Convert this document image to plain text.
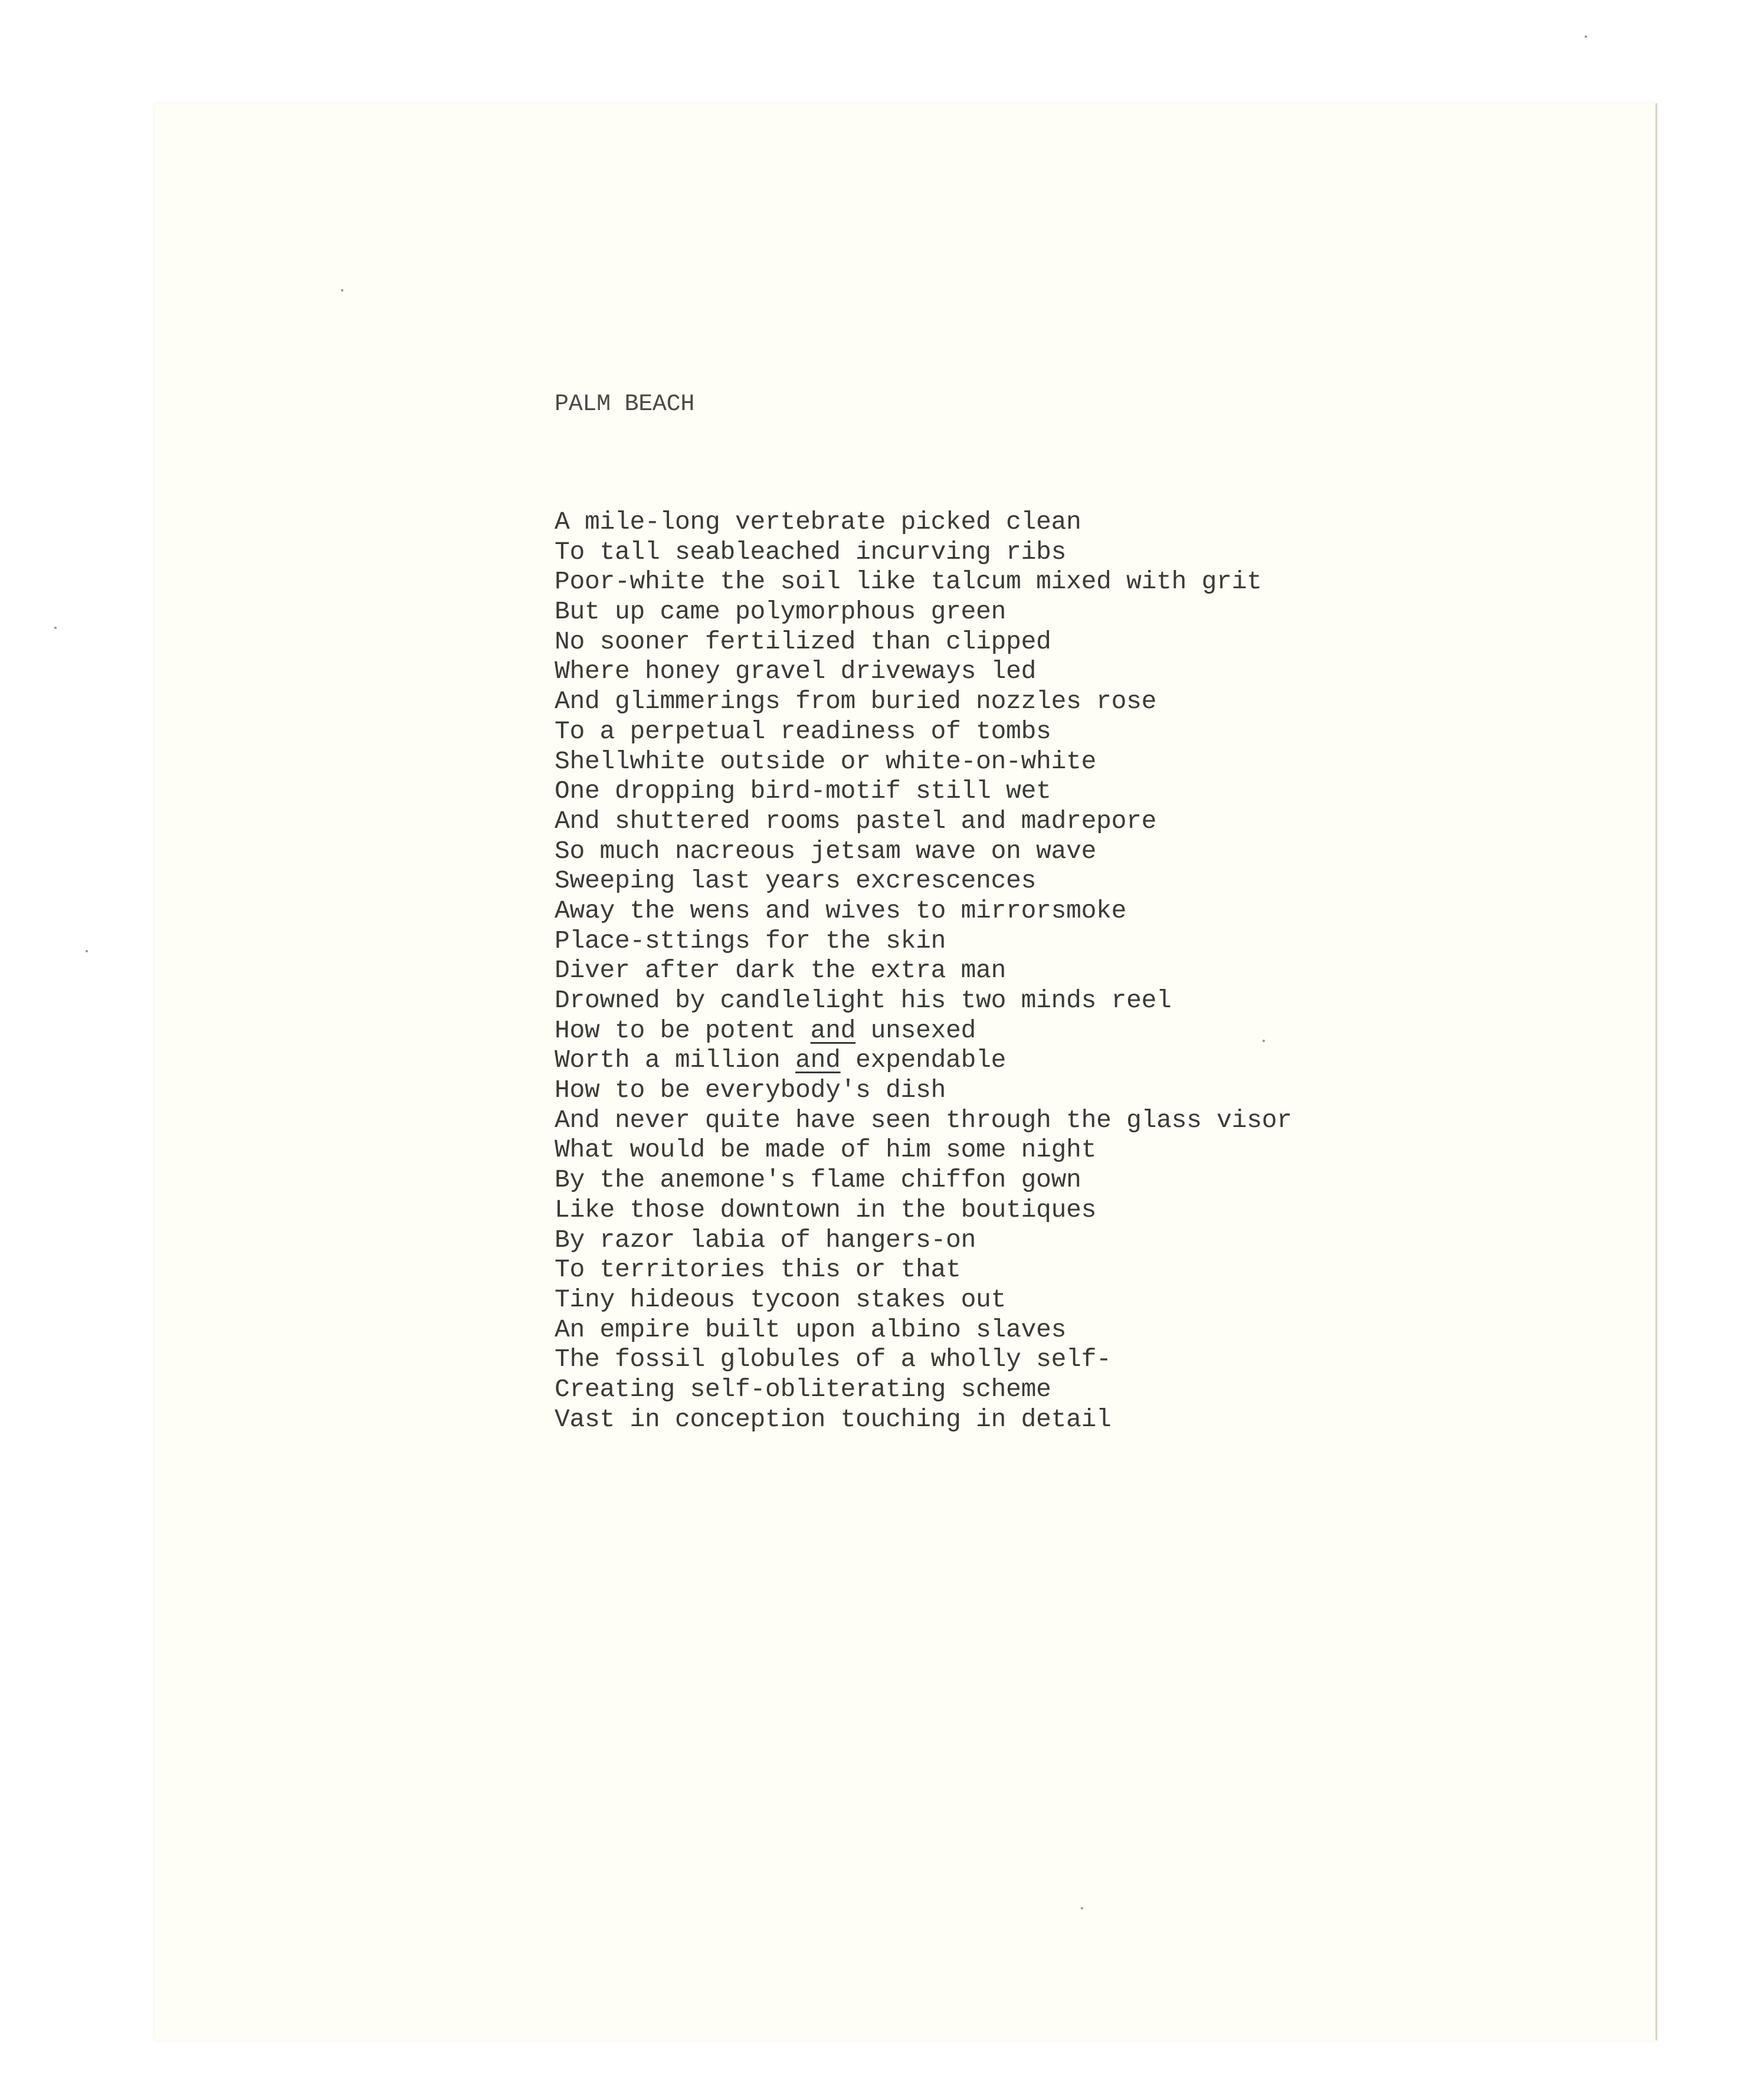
PALM BEACH

A mile-long vertebrate picked clean
To tall seableached incurving ribs
Poor-white the soil like talcum mixed with grit
But up came polymorphous green
No sooner fertilized than clipped
Where honey gravel driveways led
And glimmerings from buried nozzles rose
To a perpetual readiness of tombs
Shellwhite outside or white-on-white
One dropping bird-motif still wet
And shuttered rooms pastel and madrepore
So much nacreous jetsam wave on wave
Sweeping last years excrescences
Away the wens and wives to mirrorsmoke
Place-sttings for the skin
Diver after dark the extra man
Drowned by candlelight his two minds reel
How to be potent and unsexed
Worth a million and expendable
How to be everybody's dish
And never quite have seen through the glass visor
What would be made of him some night
By the anemone's flame chiffon gown
Like those downtown in the boutiques
By razor labia of hangers-on
To territories this or that
Tiny hideous tycoon stakes out
An empire built upon albino slaves
The fossil globules of a wholly self-
Creating self-obliterating scheme
Vast in conception touching in detail
